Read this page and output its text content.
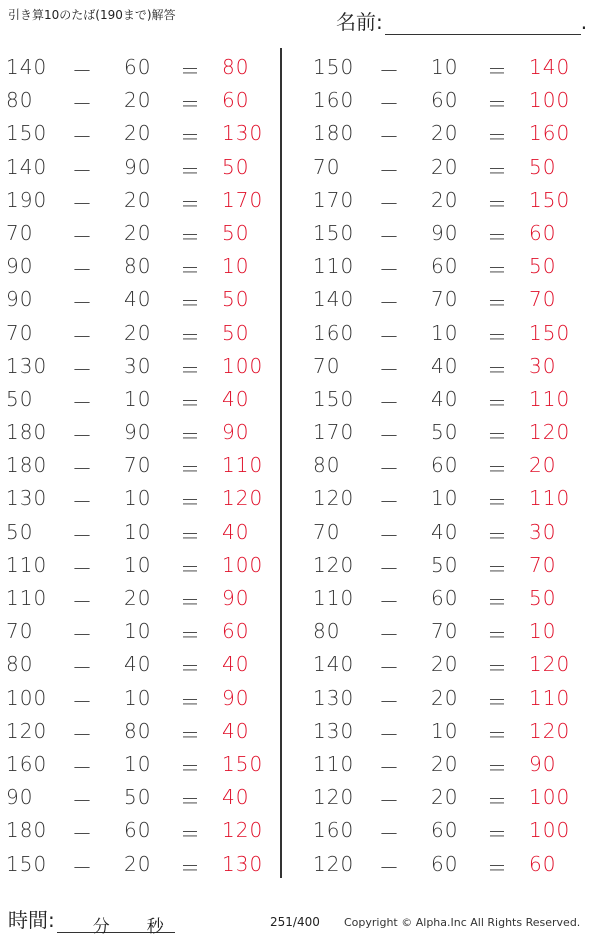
引き算10のたば(190まで)解答	名前:	.
140 － 60 ＝ 80
80 － 20 ＝ 60
150 － 20 ＝ 130
140 － 90 ＝ 50
190 － 20 ＝ 170
70 － 20 ＝ 50
90 － 80 ＝ 10
90 － 40 ＝ 50
70 － 20 ＝ 50
130 － 30 ＝ 100
50 － 10 ＝ 40
180 － 90 ＝ 90
180 － 70 ＝ 110
130 － 10 ＝ 120
50 － 10 ＝ 40
110 － 10 ＝ 100
110 － 20 ＝ 90
70 － 10 ＝ 60
80 － 40 ＝ 40
100 － 10 ＝ 90
120 － 80 ＝ 40
160 － 10 ＝ 150
90 － 50 ＝ 40
180 － 60 ＝ 120
150 － 20 ＝ 130
150 － 10 ＝ 140
160 － 60 ＝ 100
180 － 20 ＝ 160
70 － 20 ＝ 50
170 － 20 ＝ 150
150 － 90 ＝ 60
110 － 60 ＝ 50
140 － 70 ＝ 70
160 － 10 ＝ 150
70 － 40 ＝ 30
150 － 40 ＝ 110
170 － 50 ＝ 120
80 － 60 ＝ 20
120 － 10 ＝ 110
70 － 40 ＝ 30
120 － 50 ＝ 70
110 － 60 ＝ 50
80 － 70 ＝ 10
140 － 20 ＝ 120
130 － 20 ＝ 110
130 － 10 ＝ 120
110 － 20 ＝ 90
120 － 20 ＝ 100
160 － 60 ＝ 100
120 － 60 ＝ 60
時間: 分 秒	251/400 Copyright © Alpha.Inc All Rights Reserved.
